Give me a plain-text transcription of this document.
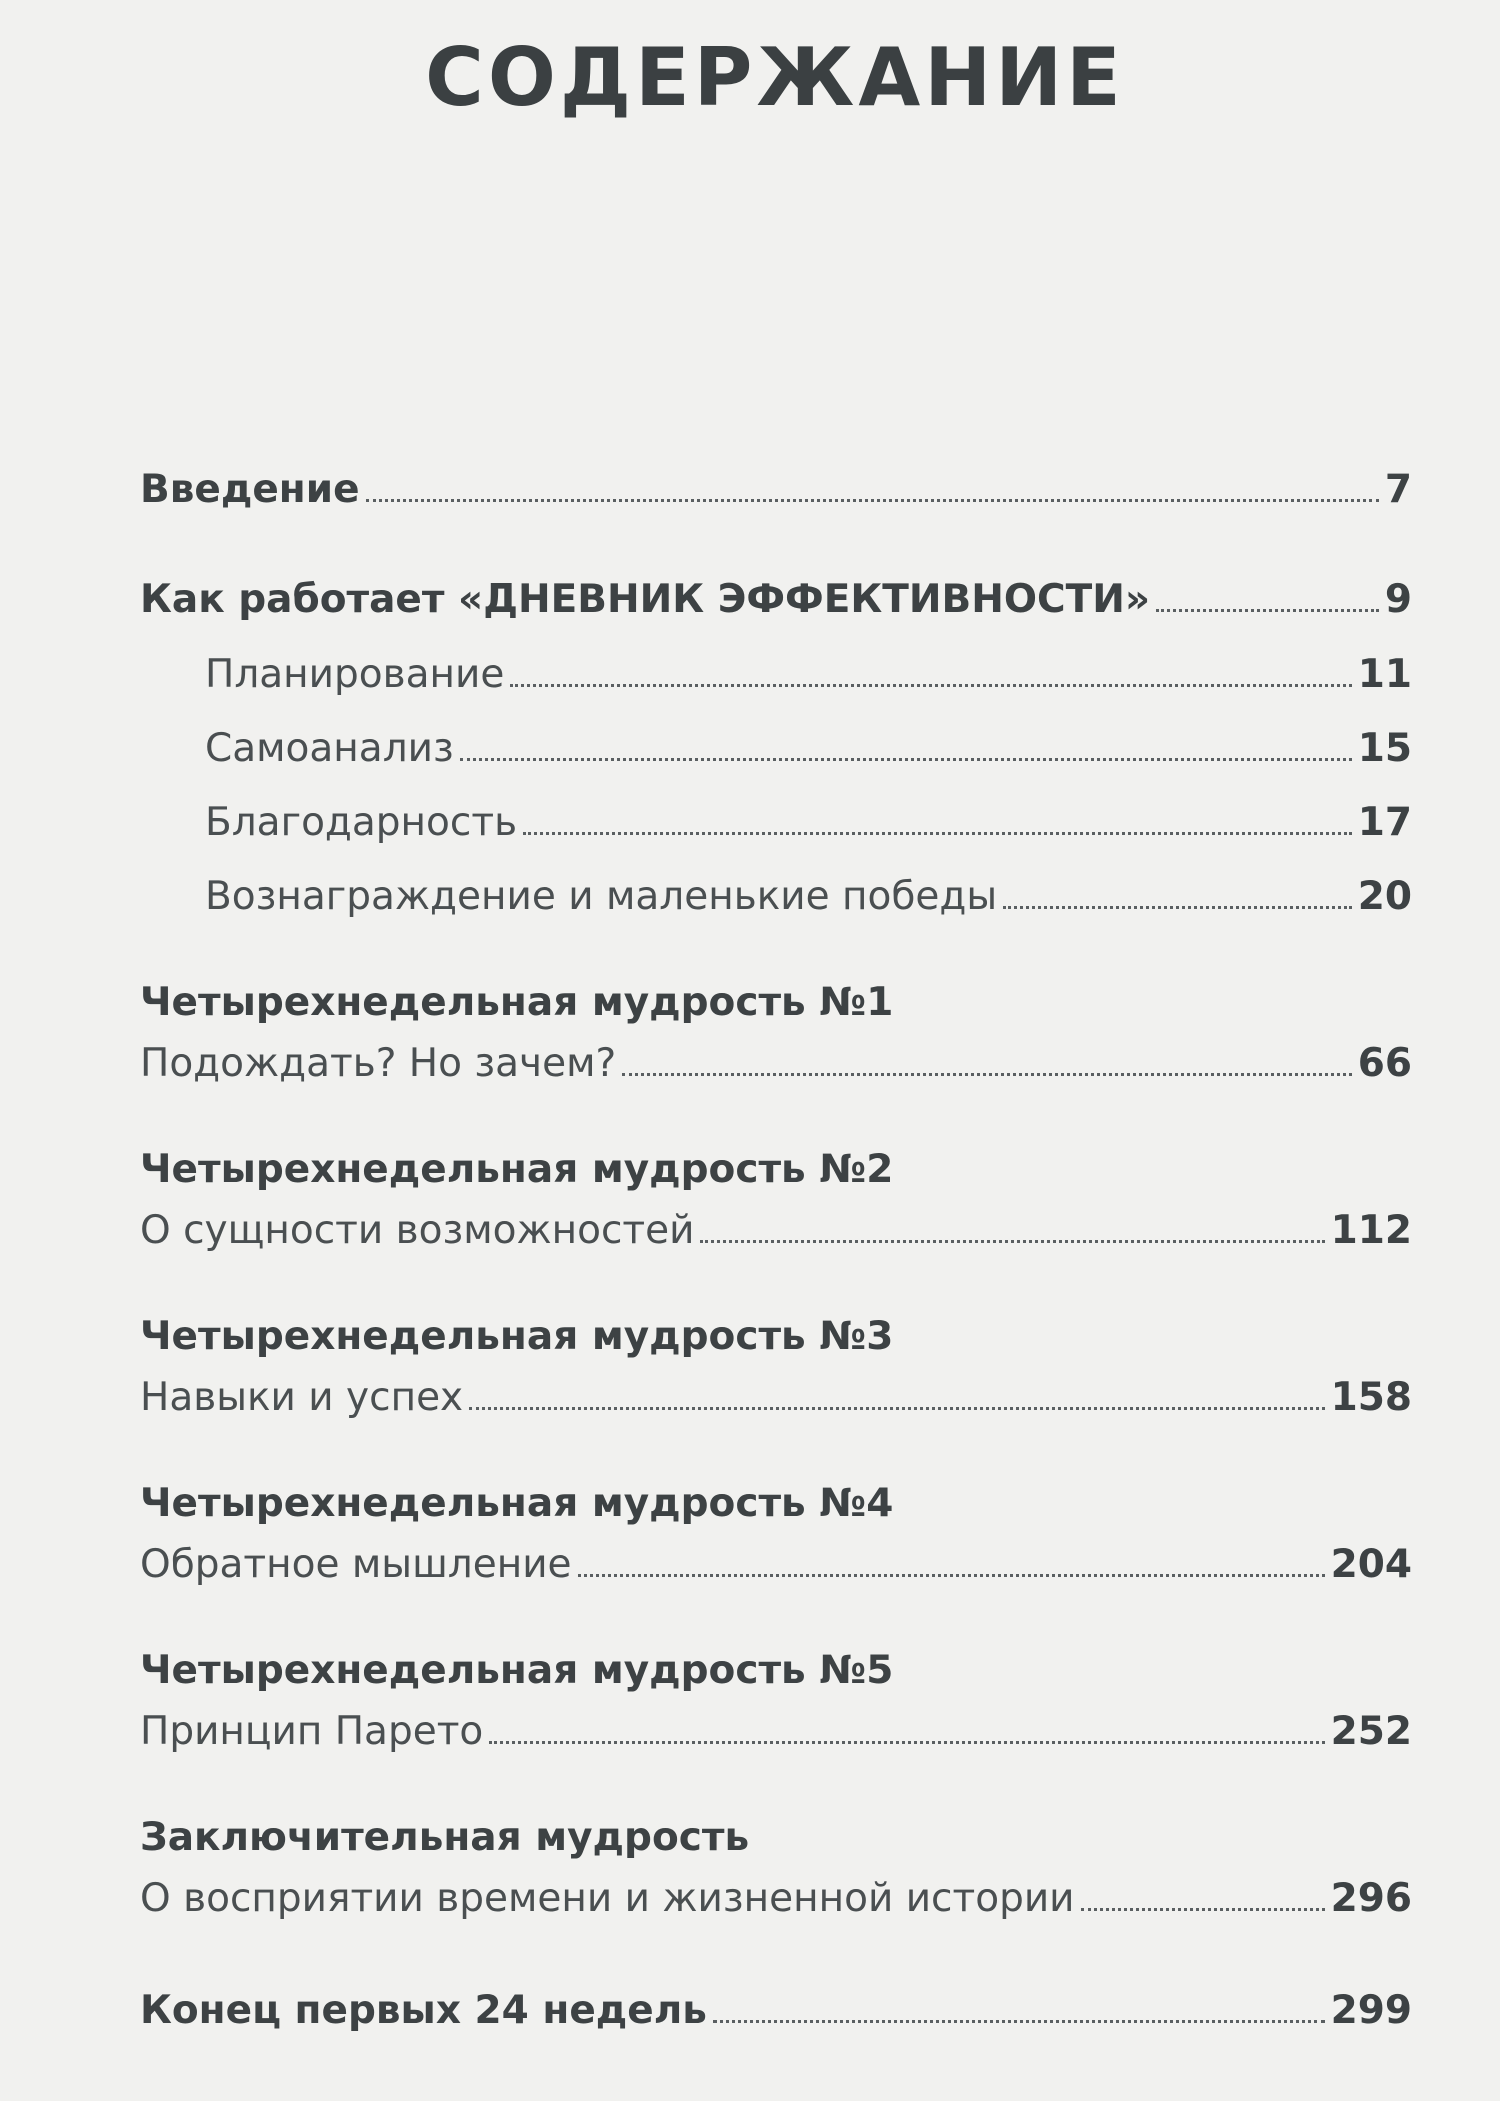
СОДЕРЖАНИЕ
Введение	7
Как работает «ДНЕВНИК ЭФФЕКТИВНОСТИ»	9
Планирование	11
Самоанализ	15
Благодарность	17
Вознаграждение и маленькие победы	20
Четырехнедельная мудрость №1
Подождать? Но зачем?	66
Четырехнедельная мудрость №2
О сущности возможностей	112
Четырехнедельная мудрость №3
Навыки и успех	158
Четырехнедельная мудрость №4
Обратное мышление	204
Четырехнедельная мудрость №5
Принцип Парето	252
Заключительная мудрость
О восприятии времени и жизненной истории	296
Конец первых 24 недель	299
